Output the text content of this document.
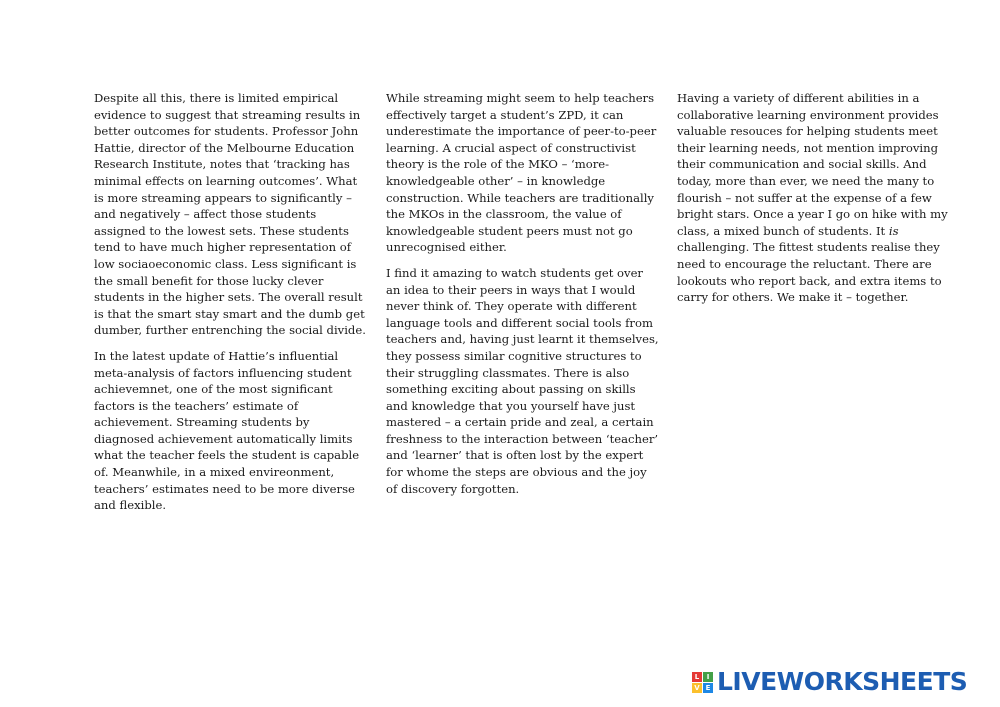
Despite all this, there is limited empirical evidence to suggest that streaming results in better outcomes for students. Professor John Hattie, director of the Melbourne Education Research Institute, notes that ‘tracking has minimal effects on learning outcomes’. What is more streaming appears to significantly – and negatively – affect those students assigned to the lowest sets. These students tend to have much higher representation of low sociaoeconomic class. Less significant is the small benefit for those lucky clever students in the higher sets. The overall result is that the smart stay smart and the dumb get dumber, further entrenching the social divide.

In the latest update of Hattie’s influential meta-analysis of factors influencing student achievemnet, one of the most significant factors is the teachers’ estimate of achievement. Streaming students by diagnosed achievement automatically limits what the teacher feels the student is capable of. Meanwhile, in a mixed envireonment, teachers’ estimates need to be more diverse and flexible.

While streaming might seem to help teachers effectively target a student’s ZPD, it can underestimate the importance of peer-to-peer learning. A crucial aspect of constructivist theory is the role of the MKO – ‘more-knowledgeable other’ – in knowledge construction. While teachers are traditionally the MKOs in the classroom, the value of knowledgeable student peers must not go unrecognised either.

I find it amazing to watch students get over an idea to their peers in ways that I would never think of. They operate with different language tools and different social tools from teachers and, having just learnt it themselves, they possess similar cognitive structures to their struggling classmates. There is also something exciting about passing on skills and knowledge that you yourself have just mastered – a certain pride and zeal, a certain freshness to the interaction between ‘teacher’ and ‘learner’ that is often lost by the expert for whome the steps are obvious and the joy of discovery forgotten.

Having a variety of different abilities in a collaborative learning environment provides valuable resouces for helping students meet their learning needs, not mention improving their communication and social skills. And today, more than ever, we need the many to flourish – not suffer at the expense of a few bright stars. Once a year I go on hike with my class, a mixed bunch of students. It is challenging. The fittest students realise they need to encourage the reluctant. There are lookouts who report back, and extra items to carry for others. We make it – together.

L	I
V E LIVEWORKSHEETS
